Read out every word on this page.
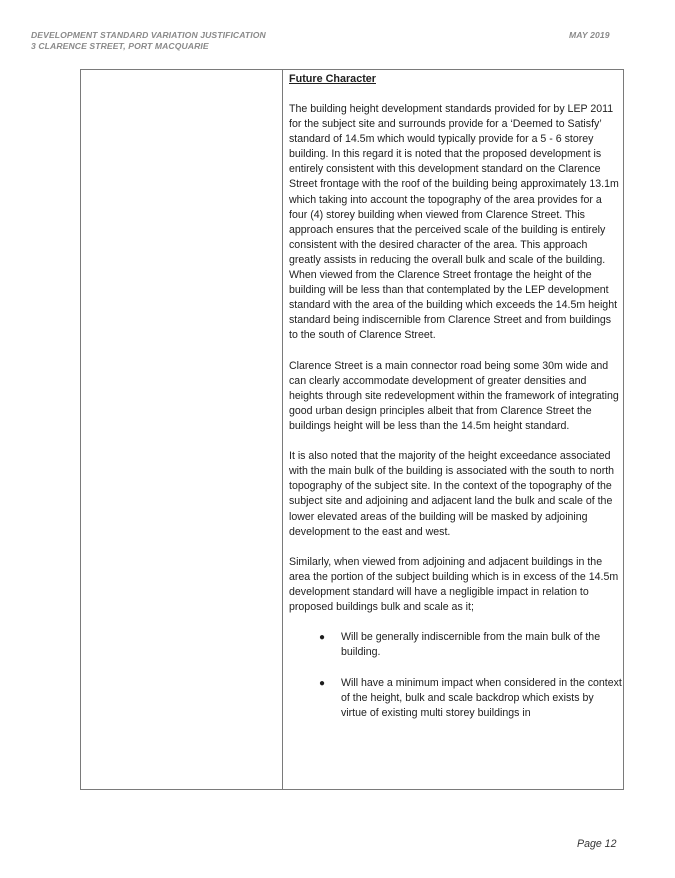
DEVELOPMENT STANDARD VARIATION JUSTIFICATION
3 CLARENCE STREET, PORT MACQUARIE
MAY 2019
Future Character

The building height development standards provided for by LEP 2011 for the subject site and surrounds provide for a ‘Deemed to Satisfy’ standard of 14.5m which would typically provide for a 5 - 6 storey building. In this regard it is noted that the proposed development is entirely consistent with this development standard on the Clarence Street frontage with the roof of the building being approximately 13.1m which taking into account the topography of the area provides for a four (4) storey building when viewed from Clarence Street. This approach ensures that the perceived scale of the building is entirely consistent with the desired character of the area. This approach greatly assists in reducing the overall bulk and scale of the building. When viewed from the Clarence Street frontage the height of the building will be less than that contemplated by the LEP development standard with the area of the building which exceeds the 14.5m height standard being indiscernible from Clarence Street and from buildings to the south of Clarence Street.

Clarence Street is a main connector road being some 30m wide and can clearly accommodate development of greater densities and heights through site redevelopment within the framework of integrating good urban design principles albeit that from Clarence Street the buildings height will be less than the 14.5m height standard.

It is also noted that the majority of the height exceedance associated with the main bulk of the building is associated with the south to north topography of the subject site. In the context of the topography of the subject site and adjoining and adjacent land the bulk and scale of the lower elevated areas of the building will be masked by adjoining development to the east and west.

Similarly, when viewed from adjoining and adjacent buildings in the area the portion of the subject building which is in excess of the 14.5m development standard will have a negligible impact in relation to proposed buildings bulk and scale as it;

● Will be generally indiscernible from the main bulk of the building.
● Will have a minimum impact when considered in the context of the height, bulk and scale backdrop which exists by virtue of existing multi storey buildings in
Page 12
